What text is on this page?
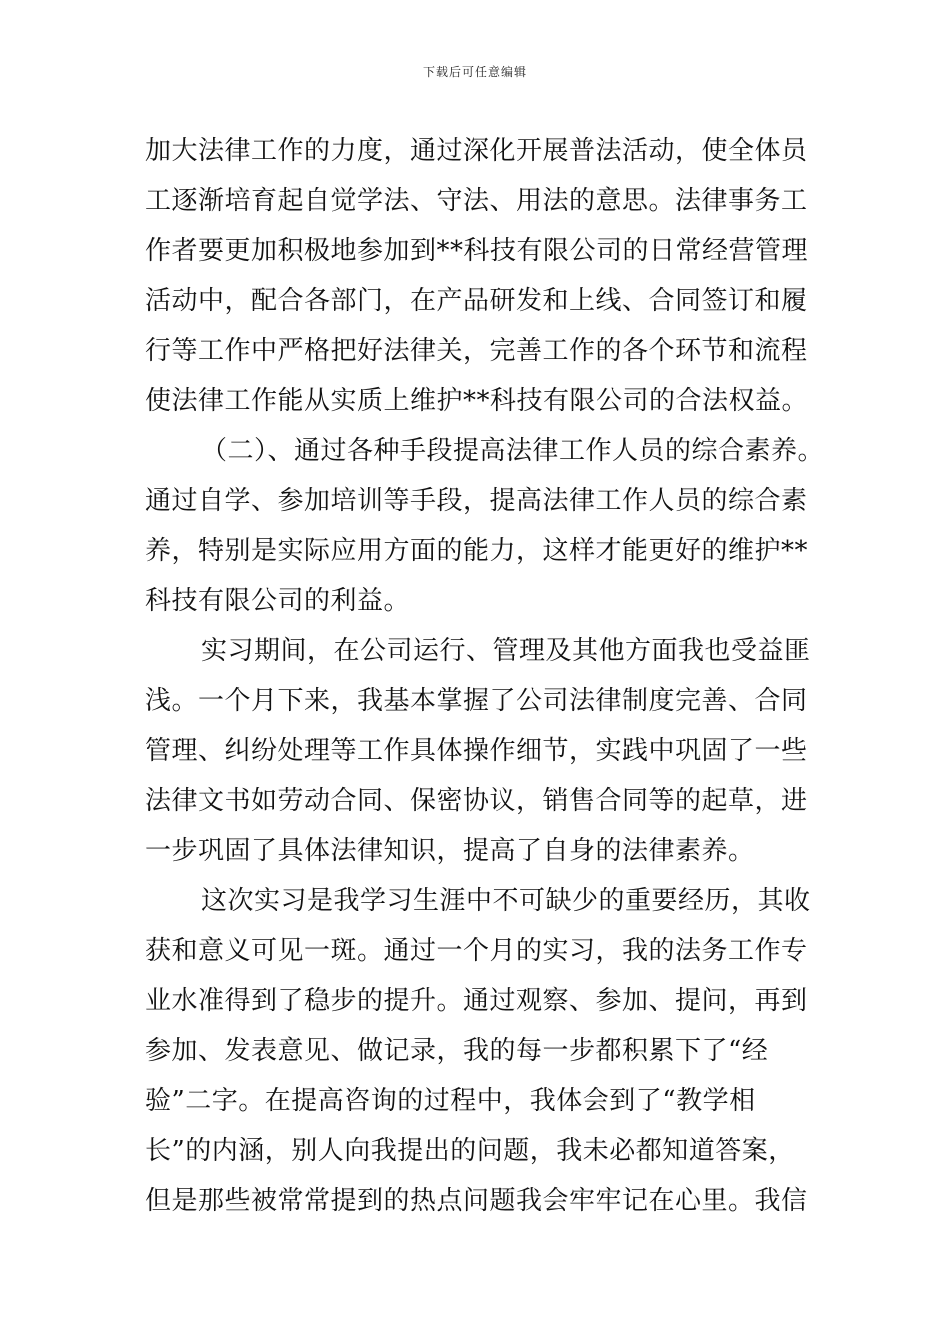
下载后可任意编辑
加大法律工作的力度，通过深化开展普法活动，使全体员
工逐渐培育起自觉学法、守法、用法的意思。法律事务工
作者要更加积极地参加到**科技有限公司的日常经营管理
活动中，配合各部门，在产品研发和上线、合同签订和履
行等工作中严格把好法律关，完善工作的各个环节和流程
使法律工作能从实质上维护**科技有限公司的合法权益。
（二）、通过各种手段提高法律工作人员的综合素养。
通过自学、参加培训等手段，提高法律工作人员的综合素
养，特别是实际应用方面的能力，这样才能更好的维护**
科技有限公司的利益。
实习期间，在公司运行、管理及其他方面我也受益匪
浅。一个月下来，我基本掌握了公司法律制度完善、合同
管理、纠纷处理等工作具体操作细节，实践中巩固了一些
法律文书如劳动合同、保密协议，销售合同等的起草，进
一步巩固了具体法律知识，提高了自身的法律素养。
这次实习是我学习生涯中不可缺少的重要经历，其收
获和意义可见一斑。通过一个月的实习，我的法务工作专
业水准得到了稳步的提升。通过观察、参加、提问，再到
参加、发表意见、做记录，我的每一步都积累下了“经
验”二字。在提高咨询的过程中，我体会到了“教学相
长”的内涵，别人向我提出的问题，我未必都知道答案，
但是那些被常常提到的热点问题我会牢牢记在心里。我信
